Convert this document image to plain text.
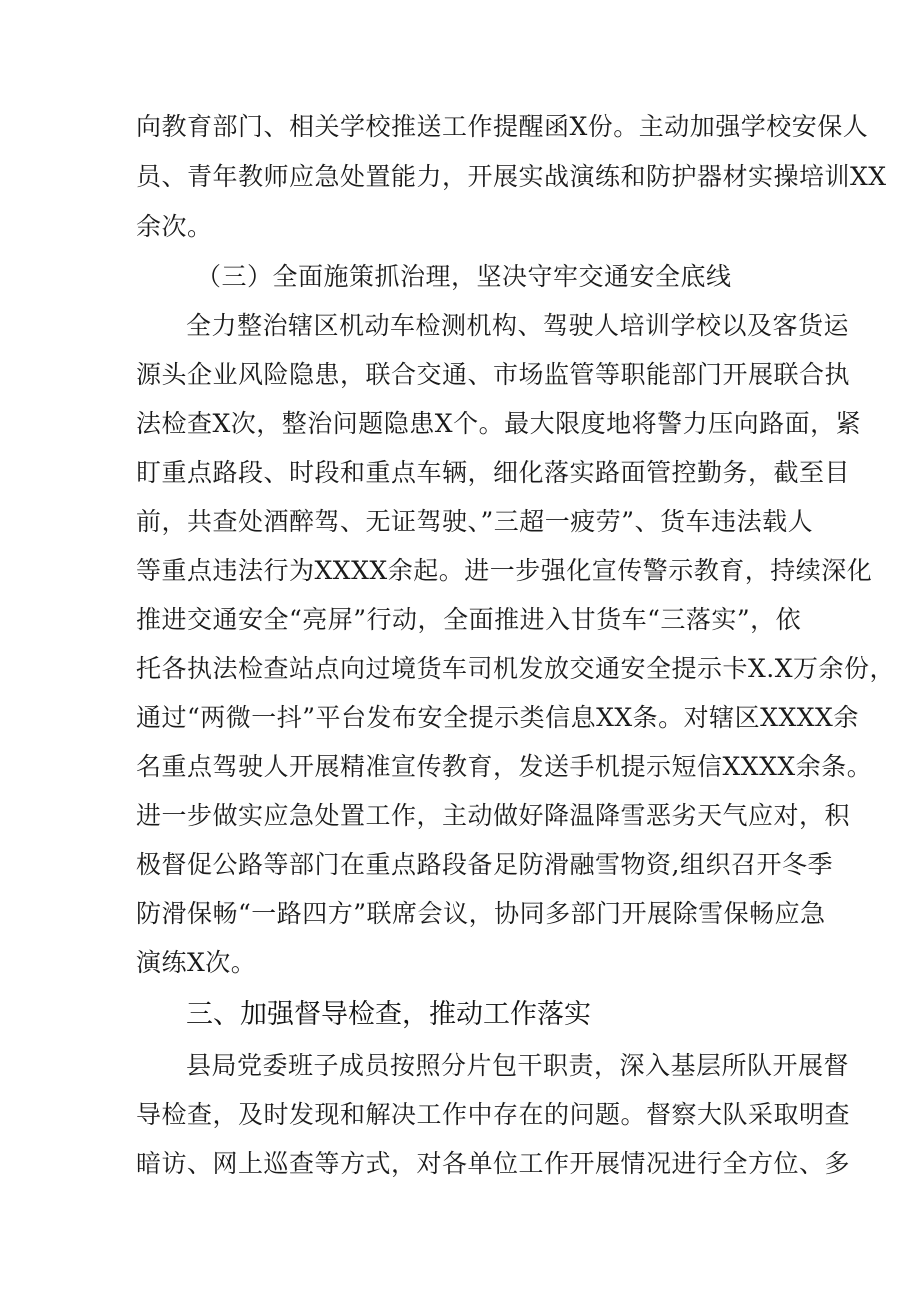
向教育部门、相关学校推送工作提醒函X份。主动加强学校安保人
员、青年教师应急处置能力，开展实战演练和防护器材实操培训XX
余次。
（三）全面施策抓治理，坚决守牢交通安全底线
全力整治辖区机动车检测机构、驾驶人培训学校以及客货运
源头企业风险隐患，联合交通、市场监管等职能部门开展联合执
法检查X次，整治问题隐患X个。最大限度地将警力压向路面，紧
盯重点路段、时段和重点车辆，细化落实路面管控勤务，截至目
前，共查处酒醉驾、无证驾驶、”三超一疲劳”、货车违法载人
等重点违法行为XXXX余起。进一步强化宣传警示教育，持续深化
推进交通安全“亮屏”行动，全面推进入甘货车“三落实”，依
托各执法检查站点向过境货车司机发放交通安全提示卡X.X万余份，
通过“两微一抖”平台发布安全提示类信息XX条。对辖区XXXX余
名重点驾驶人开展精准宣传教育，发送手机提示短信XXXX余条。
进一步做实应急处置工作，主动做好降温降雪恶劣天气应对，积
极督促公路等部门在重点路段备足防滑融雪物资,组织召开冬季
防滑保畅“一路四方”联席会议，协同多部门开展除雪保畅应急
演练X次。
三、加强督导检查，推动工作落实
县局党委班子成员按照分片包干职责，深入基层所队开展督
导检查，及时发现和解决工作中存在的问题。督察大队采取明查
暗访、网上巡查等方式，对各单位工作开展情况进行全方位、多
